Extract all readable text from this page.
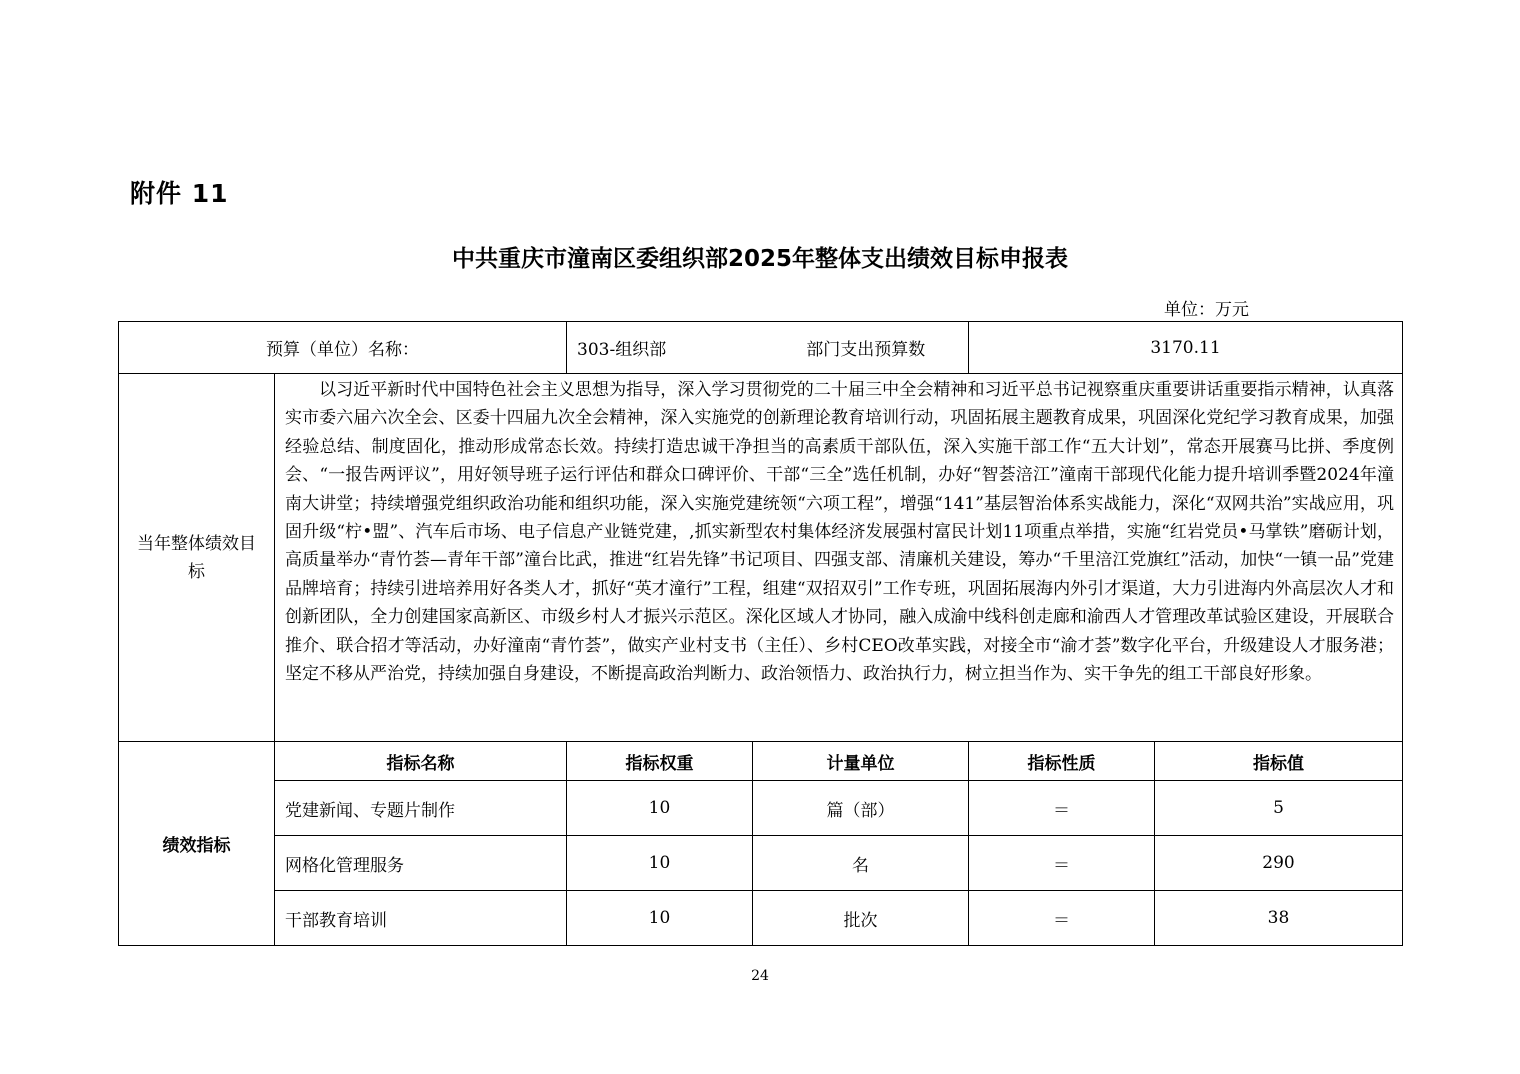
附件 11
中共重庆市潼南区委组织部2025年整体支出绩效目标申报表
单位：万元
预算（单位）名称：		303-组织部 部门支出预算数		3170.11	

当年整体绩效目标	以习近平新时代中国特色社会主义思想为指导，深入学习贯彻党的二十届三中全会精神和习近平总书记视察重庆重要讲话重要指示精神，认真落实市委六届六次全会、区委十四届九次全会精神，深入实施党的创新理论教育培训行动，巩固拓展主题教育成果，巩固深化党纪学习教育成果，加强经验总结、制度固化，推动形成常态长效。持续打造忠诚干净担当的高素质干部队伍，深入实施干部工作“五大计划”，常态开展赛马比拼、季度例会、“一报告两评议”，用好领导班子运行评估和群众口碑评价、干部“三全”选任机制，办好“智荟涪江”潼南干部现代化能力提升培训季暨2024年潼南大讲堂；持续增强党组织政治功能和组织功能，深入实施党建统领“六项工程”，增强“141”基层智治体系实战能力，深化“双网共治”实战应用，巩固升级“柠•盟”、汽车后市场、电子信息产业链党建，,抓实新型农村集体经济发展强村富民计划11项重点举措，实施“红岩党员•马掌铁”磨砺计划，高质量举办“青竹荟—青年干部”潼台比武，推进“红岩先锋”书记项目、四强支部、清廉机关建设，筹办“千里涪江党旗红”活动，加快“一镇一品”党建品牌培育；持续引进培养用好各类人才，抓好“英才潼行”工程，组建“双招双引”工作专班，巩固拓展海内外引才渠道，大力引进海内外高层次人才和创新团队，全力创建国家高新区、市级乡村人才振兴示范区。深化区域人才协同，融入成渝中线科创走廊和渝西人才管理改革试验区建设，开展联合推介、联合招才等活动，办好潼南“青竹荟”，做实产业村支书（主任）、乡村CEO改革实践，对接全市“渝才荟”数字化平台，升级建设人才服务港；坚定不移从严治党，持续加强自身建设，不断提高政治判断力、政治领悟力、政治执行力，树立担当作为、实干争先的组工干部良好形象。				
绩效指标	指标名称	指标权重	计量单位	指标性质	指标值
	党建新闻、专题片制作	10	篇（部）	＝	5
	网格化管理服务	10	名	＝	290
	干部教育培训	10	批次	＝	38
24
